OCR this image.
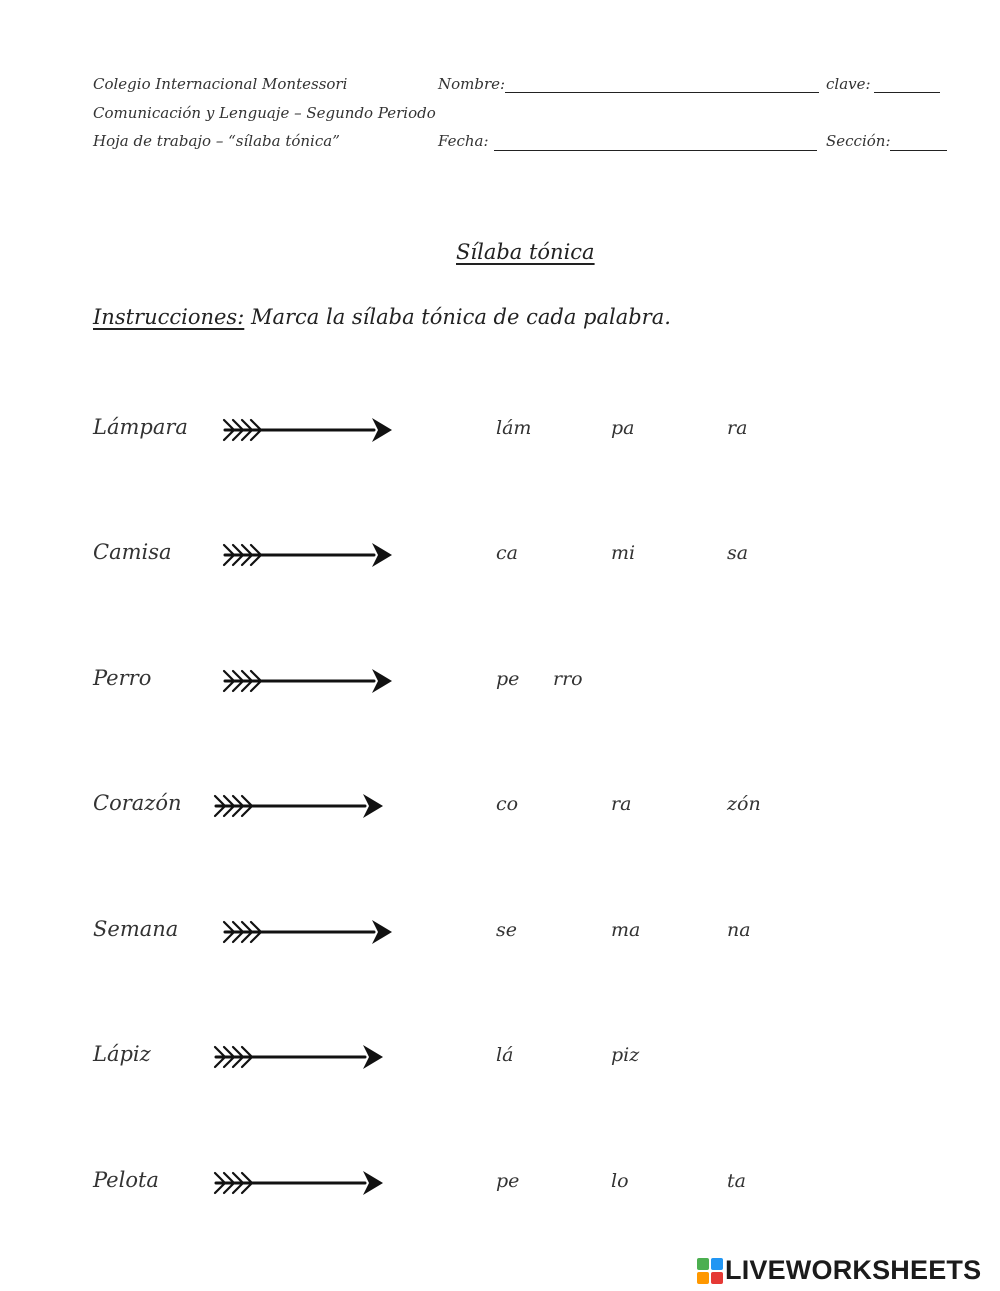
Colegio Internacional Montessori
Comunicación y Lenguaje – Segundo Periodo
Hoja de trabajo – “sílaba tónica”
Nombre:	clave:
Fecha:	Sección:
Sílaba tónica
Instrucciones: Marca la sílaba tónica de cada palabra.
Lámpara	lám	pa	ra
Camisa	ca	mi	sa
Perro	pe rro
Corazón	co	ra	zón
Semana	se	ma	na
Lápiz	lá	piz
Pelota	pe	lo	ta
LIVEWORKSHEETS
